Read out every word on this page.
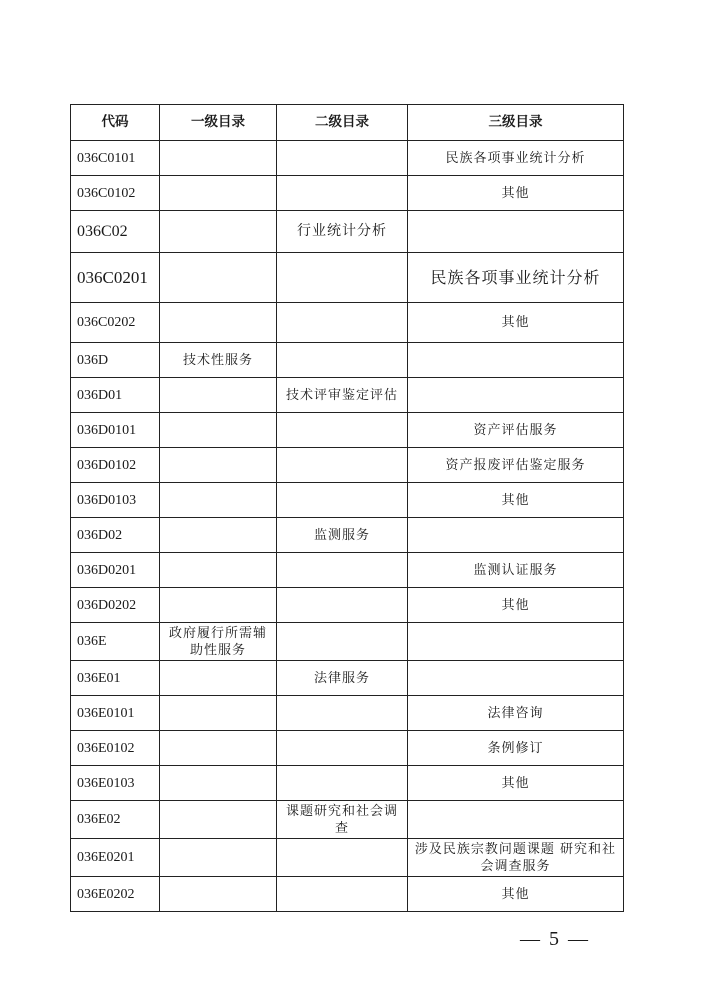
代码	一级目录	二级目录	三级目录
036C0101			民族各项事业统计分析
036C0102			其他
036C02		行业统计分析	
036C0201			民族各项事业统计分析
036C0202			其他
036D	技术性服务		
036D01		技术评审鉴定评估	
036D0101			资产评估服务
036D0102			资产报废评估鉴定服务
036D0103			其他
036D02		监测服务	
036D0201			监测认证服务
036D0202			其他
036E	政府履行所需辅助性服务		
036E01		法律服务	
036E0101			法律咨询
036E0102			条例修订
036E0103			其他
036E02		课题研究和社会调查	
036E0201			涉及民族宗教问题课题 研究和社会调查服务
036E0202			其他
— 5 —
